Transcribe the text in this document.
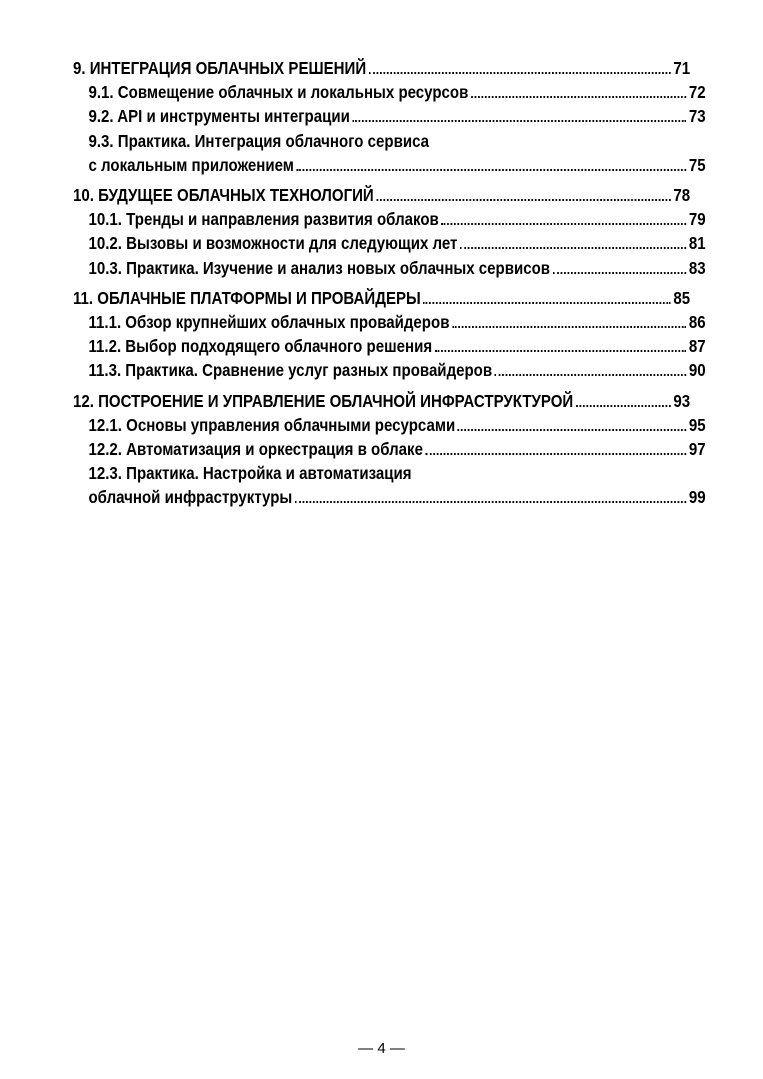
9. ИНТЕГРАЦИЯ ОБЛАЧНЫХ РЕШЕНИЙ	71
9.1. Совмещение облачных и локальных ресурсов	72
9.2. API и инструменты интеграции	73
9.3. Практика. Интеграция облачного сервиса
с локальным приложением	75
10. БУДУЩЕЕ ОБЛАЧНЫХ ТЕХНОЛОГИЙ	78
10.1. Тренды и направления развития облаков	79
10.2. Вызовы и возможности для следующих лет	81
10.3. Практика. Изучение и анализ новых облачных сервисов	83
11. ОБЛАЧНЫЕ ПЛАТФОРМЫ И ПРОВАЙДЕРЫ	85
11.1. Обзор крупнейших облачных провайдеров	86
11.2. Выбор подходящего облачного решения	87
11.3. Практика. Сравнение услуг разных провайдеров	90
12. ПОСТРОЕНИЕ И УПРАВЛЕНИЕ ОБЛАЧНОЙ ИНФРАСТРУКТУРОЙ	93
12.1. Основы управления облачными ресурсами	95
12.2. Автоматизация и оркестрация в облаке	97
12.3. Практика. Настройка и автоматизация
облачной инфраструктуры	99
— 4 —
